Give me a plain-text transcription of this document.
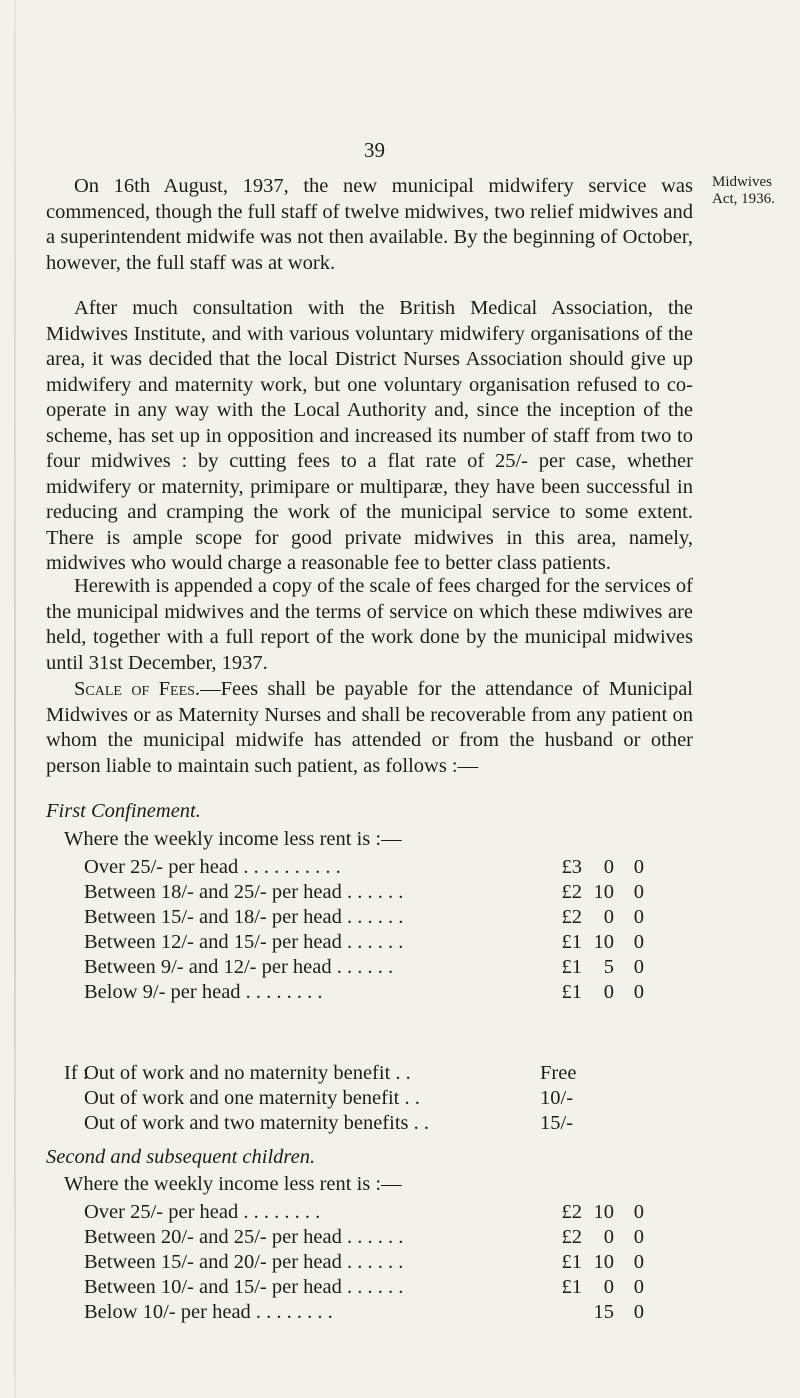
39
Midwives
Act, 1936.

On 16th August, 1937, the new municipal midwifery service was commenced, though the full staff of twelve midwives, two relief midwives and a superintendent midwife was not then available. By the beginning of October, however, the full staff was at work.

After much consultation with the British Medical Association, the Midwives Institute, and with various voluntary midwifery organisations of the area, it was decided that the local District Nurses Association should give up midwifery and maternity work, but one voluntary organisation refused to co-operate in any way with the Local Authority and, since the inception of the scheme, has set up in opposition and increased its number of staff from two to four midwives : by cutting fees to a flat rate of 25/- per case, whether midwifery or maternity, primipare or multiparæ, they have been successful in reducing and cramping the work of the municipal service to some extent. There is ample scope for good private midwives in this area, namely, midwives who would charge a reasonable fee to better class patients.

Herewith is appended a copy of the scale of fees charged for the services of the municipal midwives and the terms of service on which these mdiwives are held, together with a full report of the work done by the municipal midwives until 31st December, 1937.

Scale of Fees.—Fees shall be payable for the attendance of Municipal Midwives or as Maternity Nurses and shall be recoverable from any patient on whom the municipal midwife has attended or from the husband or other person liable to maintain such patient, as follows :—

First Confinement.
Where the weekly income less rent is :—
Over 25/- per head . . . . . . . . . .	£3	0 0
Between 18/- and 25/- per head . . . . . .	£2 10 0
Between 15/- and 18/- per head . . . . . .	£2	0 0
Between 12/- and 15/- per head . . . . . .	£1 10 0
Between 9/- and 12/- per head . . . . . .	£1	5 0
Below 9/- per head . . . . . . . .	£1	0 0
If :
Out of work and no maternity benefit . .	Free
Out of work and one maternity benefit . .	10/-
Out of work and two maternity benefits . .	15/-
Second and subsequent children.
Where the weekly income less rent is :—
Over 25/- per head . . . . . . . .	£2 10 0
Between 20/- and 25/- per head . . . . . .	£2	0 0
Between 15/- and 20/- per head . . . . . .	£1 10 0
Between 10/- and 15/- per head . . . . . .	£1	0 0
Below 10/- per head . . . . . . . .	15 0
